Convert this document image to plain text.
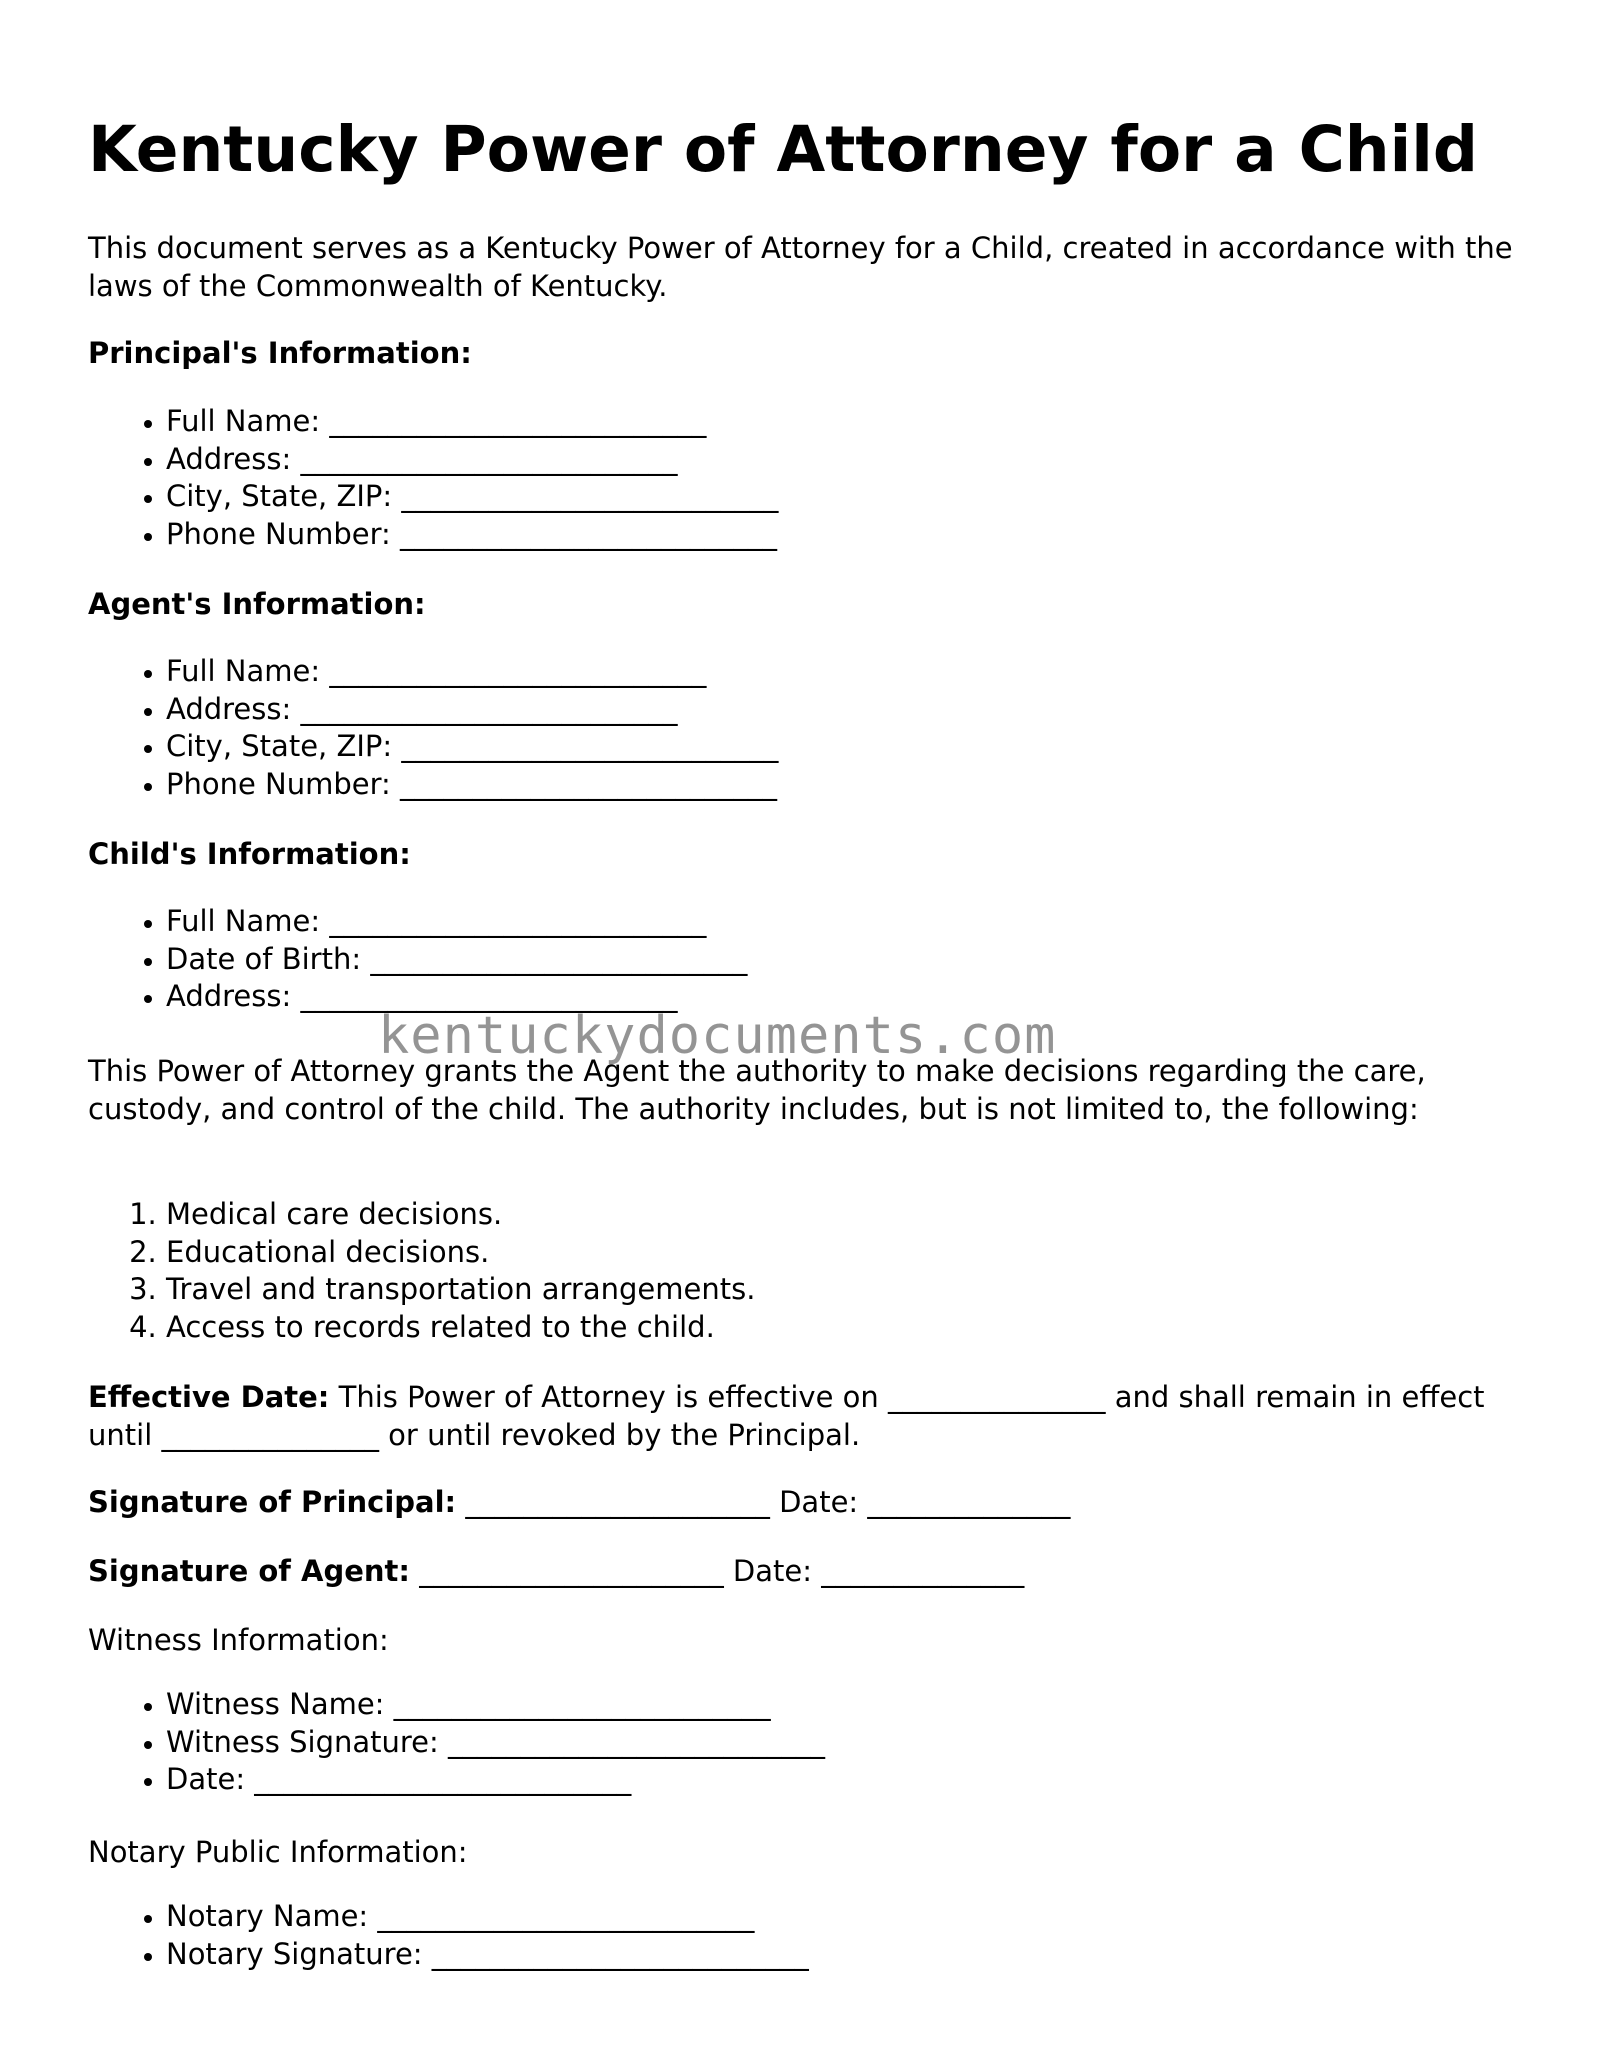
Kentucky Power of Attorney for a Child

This document serves as a Kentucky Power of Attorney for a Child, created in accordance with the laws of the Commonwealth of Kentucky.

Principal's Information:

• Full Name: __________________________
• Address: __________________________
• City, State, ZIP: __________________________
• Phone Number: __________________________

Agent's Information:

• Full Name: __________________________
• Address: __________________________
• City, State, ZIP: __________________________
• Phone Number: __________________________

Child's Information:

• Full Name: __________________________
• Date of Birth: __________________________
• Address: __________________________

This Power of Attorney grants the Agent the authority to make decisions regarding the care, custody, and control of the child. The authority includes, but is not limited to, the following:

1. Medical care decisions.
2. Educational decisions.
3. Travel and transportation arrangements.
4. Access to records related to the child.

Effective Date: This Power of Attorney is effective on _______________ and shall remain in effect until _______________ or until revoked by the Principal.

Signature of Principal: _____________________ Date: ______________

Signature of Agent: _____________________ Date: ______________

Witness Information:

• Witness Name: __________________________
• Witness Signature: __________________________
• Date: __________________________

Notary Public Information:

• Notary Name: __________________________
• Notary Signature: __________________________
kentuckydocuments.com
